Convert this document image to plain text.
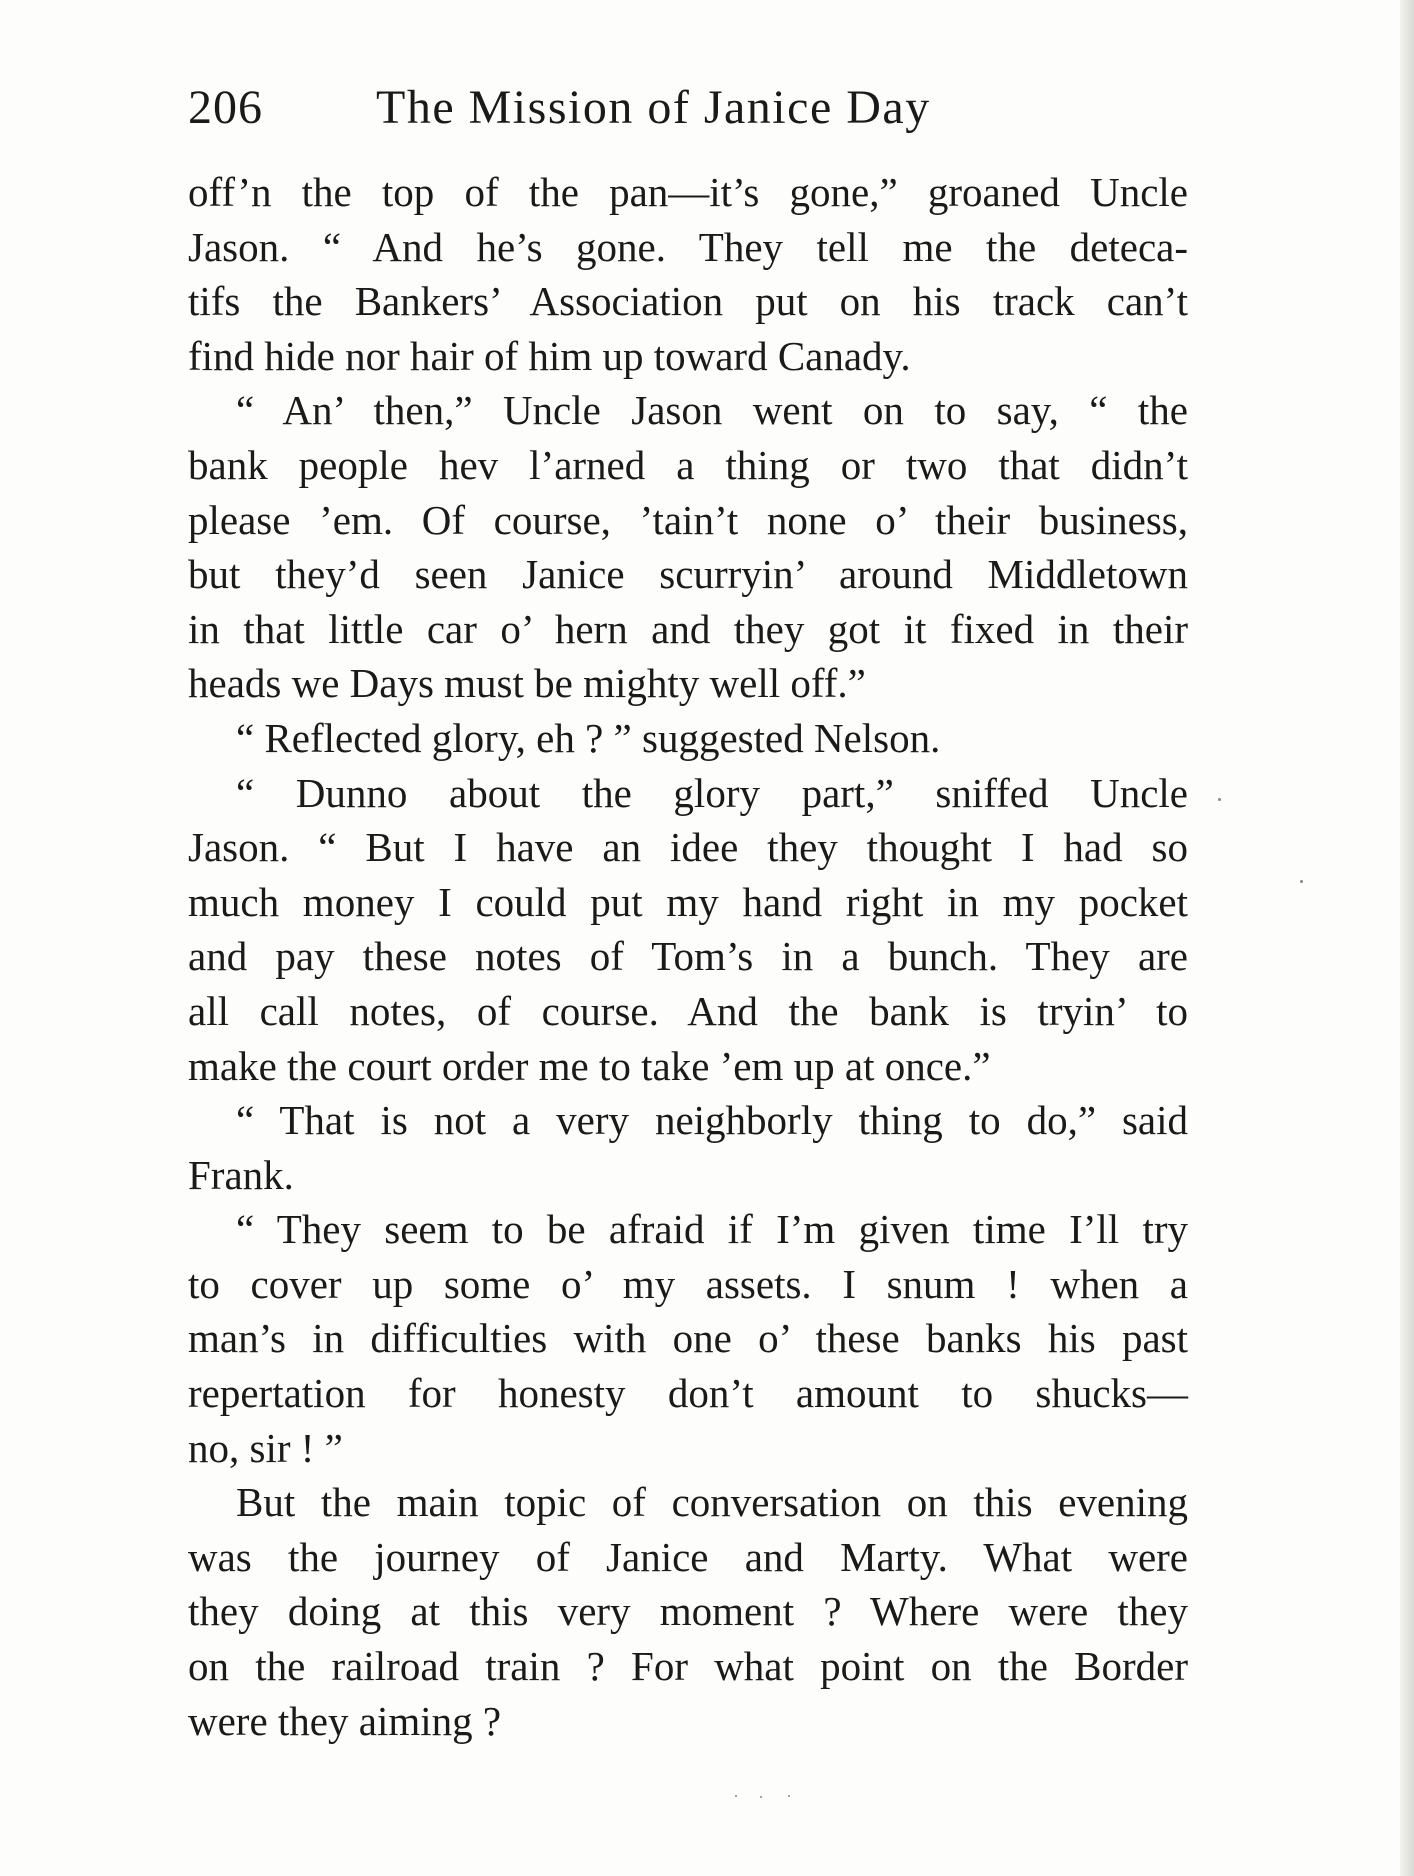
206 The Mission of Janice Day
off’n the top of the pan—it’s gone,” groaned Uncle
Jason. “ And he’s gone. They tell me the deteca-
tifs the Bankers’ Association put on his track can’t
find hide nor hair of him up toward Canady.
“ An’ then,” Uncle Jason went on to say, “ the
bank people hev l’arned a thing or two that didn’t
please ’em. Of course, ’tain’t none o’ their business,
but they’d seen Janice scurryin’ around Middletown
in that little car o’ hern and they got it fixed in their
heads we Days must be mighty well off.”
“ Reflected glory, eh ? ” suggested Nelson.
“ Dunno about the glory part,” sniffed Uncle
Jason. “ But I have an idee they thought I had so
much money I could put my hand right in my pocket
and pay these notes of Tom’s in a bunch. They are
all call notes, of course. And the bank is tryin’ to
make the court order me to take ’em up at once.”
“ That is not a very neighborly thing to do,” said
Frank.
“ They seem to be afraid if I’m given time I’ll try
to cover up some o’ my assets. I snum ! when a
man’s in difficulties with one o’ these banks his past
repertation for honesty don’t amount to shucks—
no, sir ! ”
But the main topic of conversation on this evening
was the journey of Janice and Marty. What were
they doing at this very moment ? Where were they
on the railroad train ? For what point on the Border
were they aiming ?
